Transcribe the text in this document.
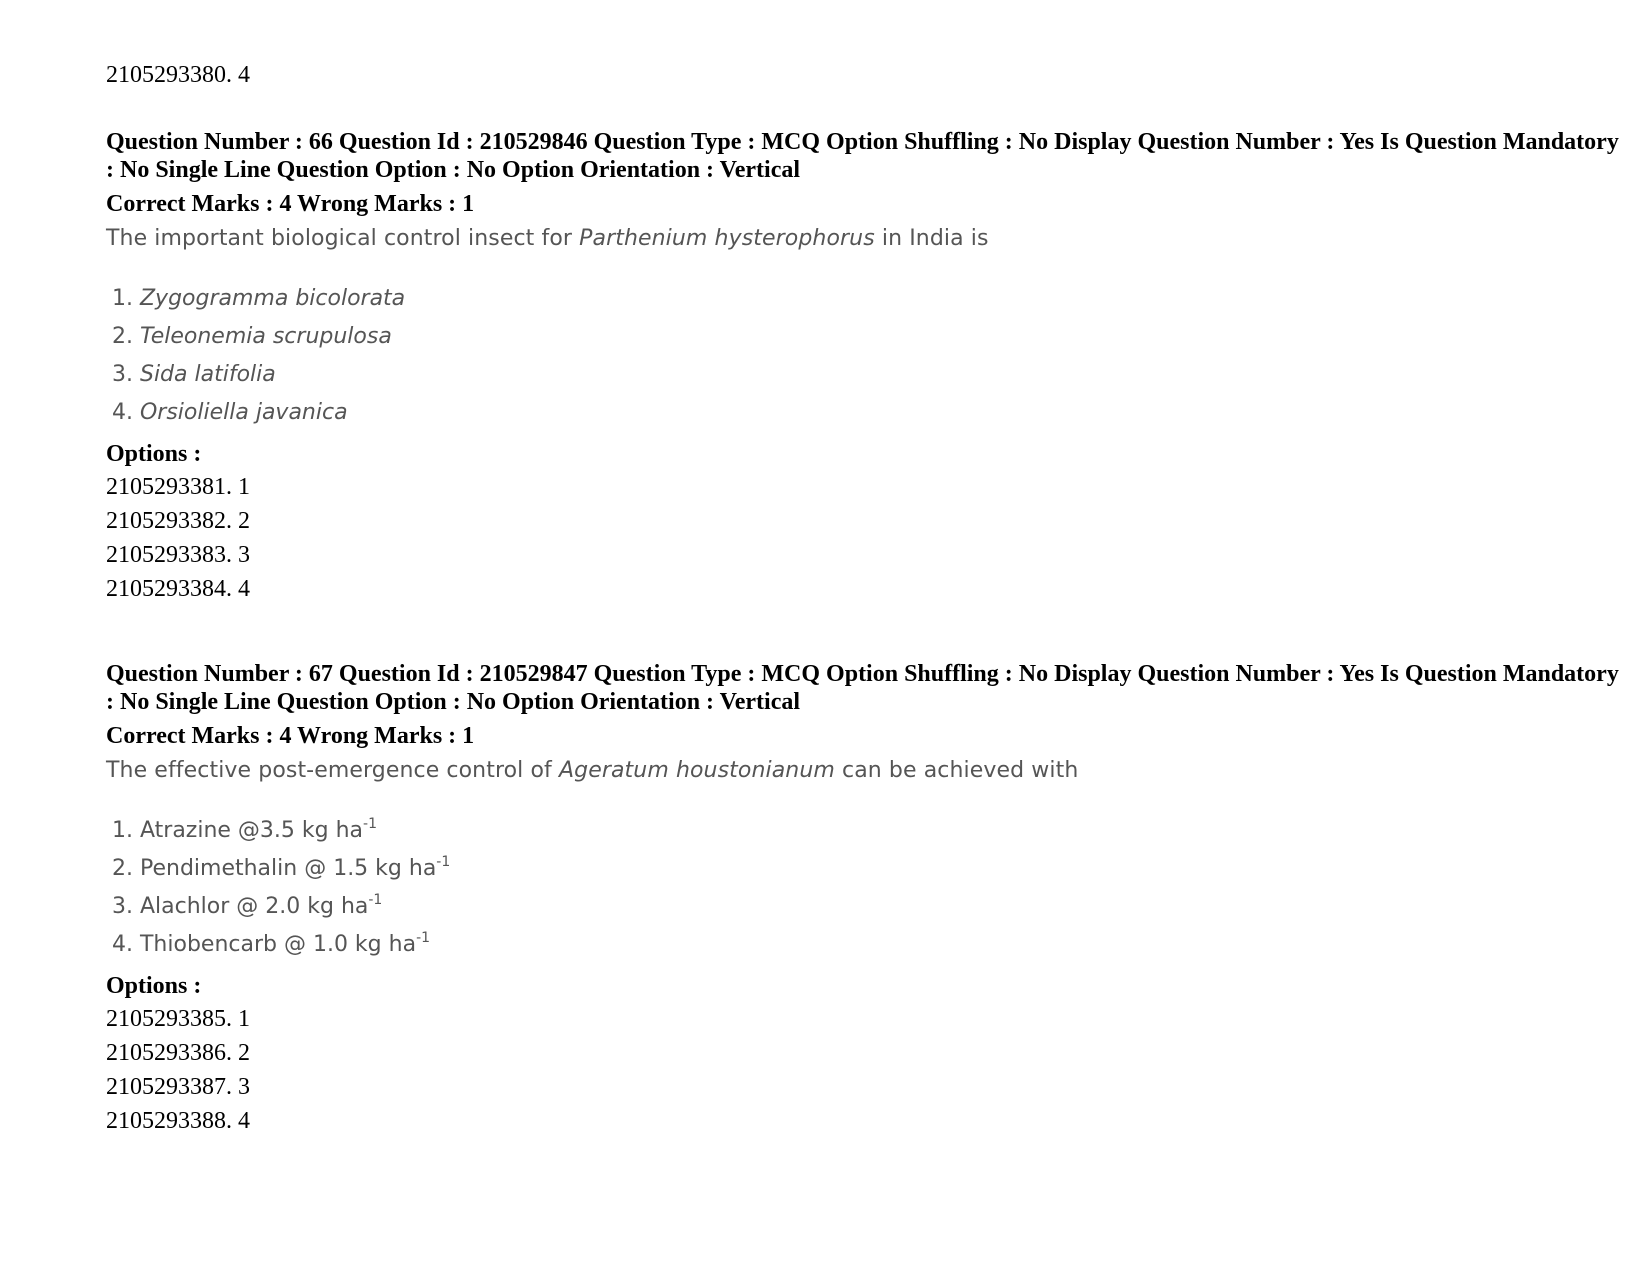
2105293380. 4

Question Number : 66 Question Id : 210529846 Question Type : MCQ Option Shuffling : No Display Question Number : Yes Is Question Mandatory : No Single Line Question Option : No Option Orientation : Vertical

Correct Marks : 4 Wrong Marks : 1
The important biological control insect for Parthenium hysterophorus in India is
1. Zygogramma bicolorata
2. Teleonemia scrupulosa
3. Sida latifolia
4. Orsioliella javanica
Options :
2105293381. 1
2105293382. 2
2105293383. 3
2105293384. 4

Question Number : 67 Question Id : 210529847 Question Type : MCQ Option Shuffling : No Display Question Number : Yes Is Question Mandatory : No Single Line Question Option : No Option Orientation : Vertical

Correct Marks : 4 Wrong Marks : 1
The effective post-emergence control of Ageratum houstonianum can be achieved with
1. Atrazine @3.5 kg $ha^{-1}$
2. Pendimethalin @ 1.5 kg $ha^{-1}$
3. Alachlor @ 2.0 kg $ha^{-1}$
4. Thiobencarb @ 1.0 kg $ha^{-1}$
Options :
2105293385. 1
2105293386. 2
2105293387. 3
2105293388. 4
